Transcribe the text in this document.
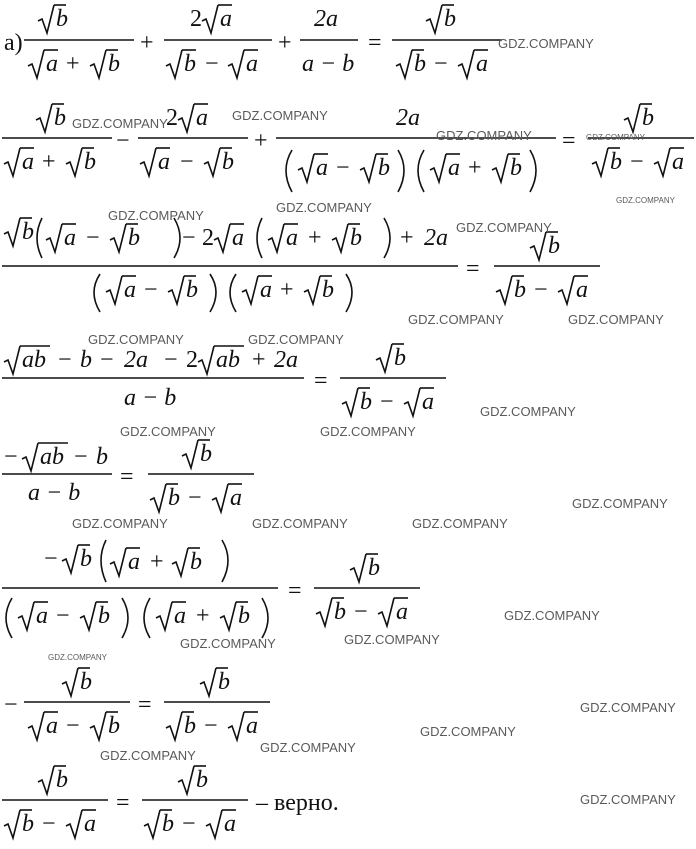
а)
b
a + b
+
2 a
b − a
+
2a
a − b
=
b
b − a
b
a + b
−
2 a
a − b
+
2a
a − b a + b
=
b
b − a
b a − b − 2 a a + b + 2a
a − b	a + b
=
b
b − a
ab − b − 2a − 2 ab + 2a
a − b
=
b
b − a
− ab − b
a − b
=
b
b − a
− b a + b
a − b	a + b
=
b
b − a
−
b
a − b
=
b
b − a
b
b − a
=
b
b − a
– верно.
GDZ.COMPANY
GDZ.COMPANY
GDZ.COMPANY
GDZ.COMPANY	GDZ.COMPANY
GDZ.COMPANY
GDZ.COMPANY
GDZ.COMPANY
GDZ.COMPANY
GDZ.COMPANY	GDZ.COMPANY
GDZ.COMPANY	GDZ.COMPANY
GDZ.COMPANY
GDZ.COMPANY	GDZ.COMPANY
GDZ.COMPANY
GDZ.COMPANY	GDZ.COMPANY	GDZ.COMPANY
GDZ.COMPANY
GDZ.COMPANY	GDZ.COMPANY
GDZ.COMPANY
GDZ.COMPANY
GDZ.COMPANY
GDZ.COMPANY
GDZ.COMPANY
GDZ.COMPANY
